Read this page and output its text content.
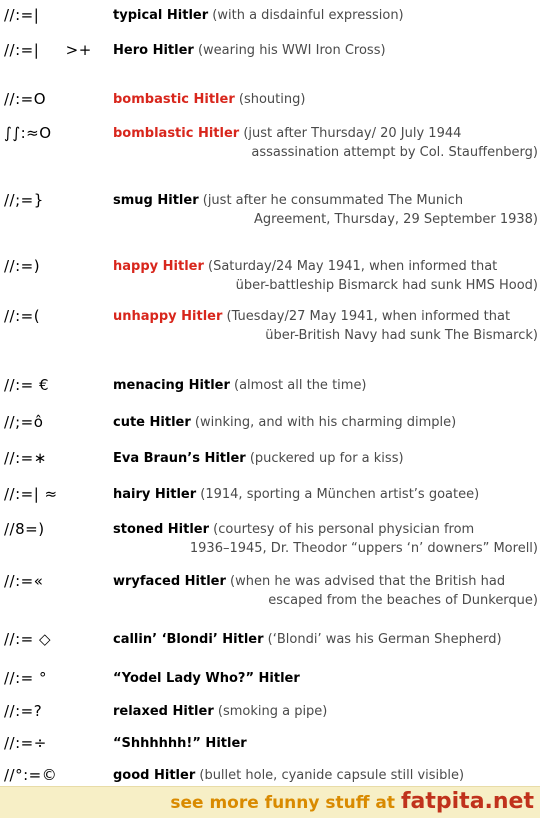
//:=|	typical Hitler (with a disdainful expression)
//:=|     >+ Hero Hitler (wearing his WWI Iron Cross)
//:=O	bombastic Hitler (shouting)
∫∫:≈O	bomblastic Hitler (just after Thursday/ 20 July 1944
assassination attempt by Col. Stauffenberg)
//;=}	smug Hitler (just after he consummated The Munich
Agreement, Thursday, 29 September 1938)
//:=)	happy Hitler (Saturday/24 May 1941, when informed that
über-battleship Bismarck had sunk HMS Hood)
//:=(	unhappy Hitler (Tuesday/27 May 1941, when informed that
über-British Navy had sunk The Bismarck)
//:= €	menacing Hitler (almost all the time)
//;=ô	cute Hitler (winking, and with his charming dimple)
//:=∗	Eva Braun’s Hitler (puckered up for a kiss)
//:=| ≈	hairy Hitler (1914, sporting a München artist’s goatee)
//8=)	stoned Hitler (courtesy of his personal physician from
1936–1945, Dr. Theodor “uppers ‘n’ downers” Morell)
//:=«	wryfaced Hitler (when he was advised that the British had
escaped from the beaches of Dunkerque)
//:= ◇	callin’ ‘Blondi’ Hitler (‘Blondi’ was his German Shepherd)
//:= °	“Yodel Lady Who?” Hitler
//:=?	relaxed Hitler (smoking a pipe)
//:=÷	“Shhhhhh!” Hitler
//°:=©	good Hitler (bullet hole, cyanide capsule still visible)
see more funny stuff at fatpita.net
